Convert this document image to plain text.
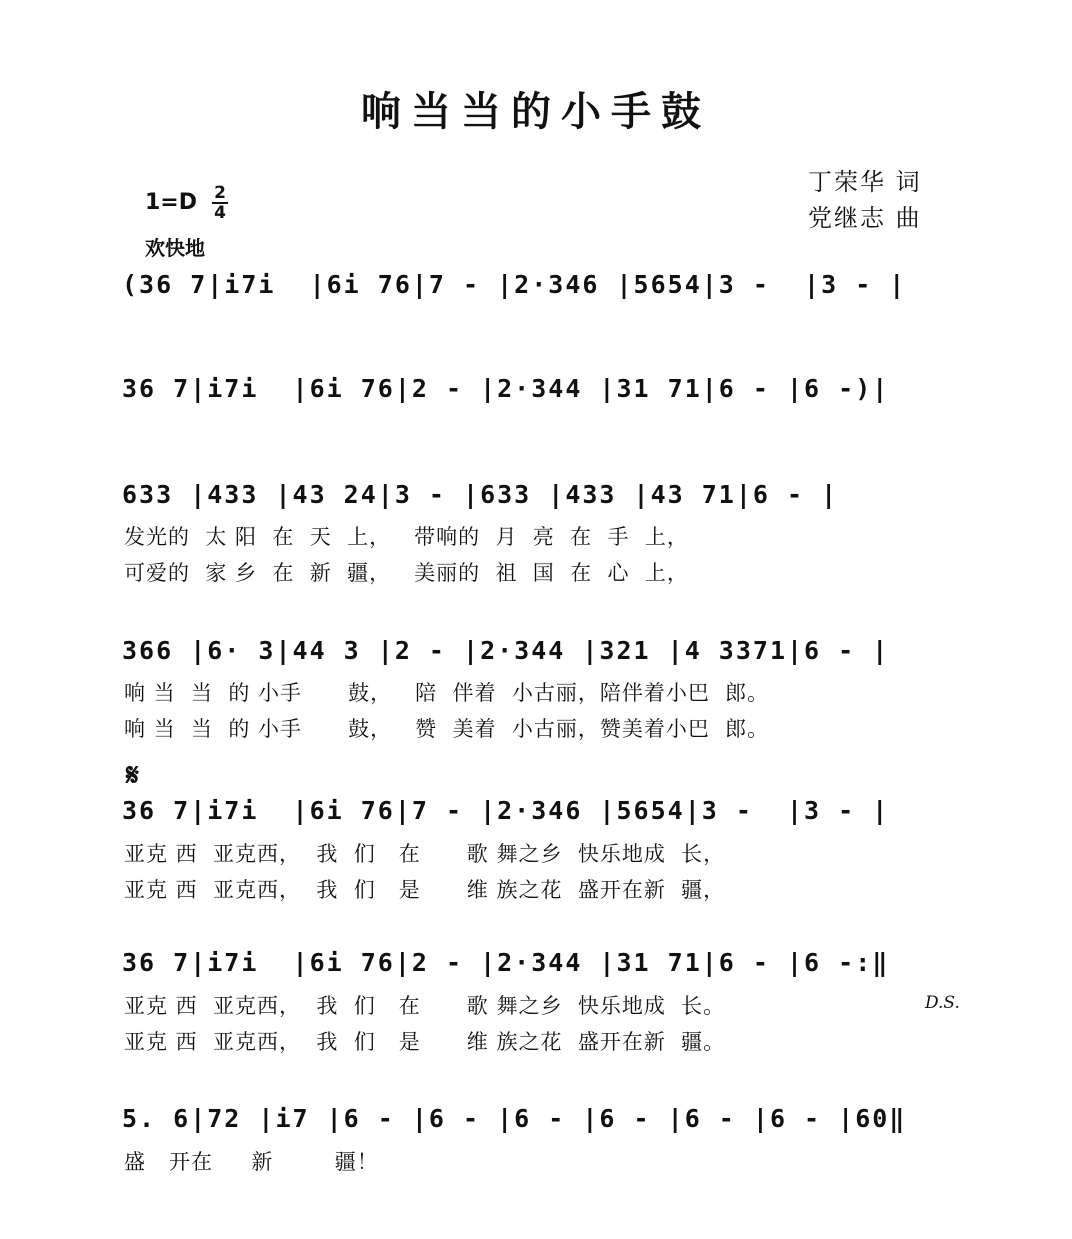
响当当的小手鼓
丁荣华 词
党继志 曲
1=D 2
4
欢快地
(36 7|i7i  |6i 76|7 - |2·346 |5654|3 -  |3 - |
36 7|i7i  |6i 76|2 - |2·344 |31 71|6 - |6 -)|
633 |433 |43 24|3 - |633 |433 |43 71|6 - |
发光的  太 阳  在  天  上，   带响的  月  亮  在  手  上，
可爱的  家 乡  在  新  疆，   美丽的  祖  国  在  心  上，
366 |6· 3|44 3 |2 - |2·344 |321 |4 3371|6 - |
响 当  当  的 小手      鼓，   陪  伴着  小古丽，陪伴着小巴  郎。
响 当  当  的 小手      鼓，   赞  美着  小古丽，赞美着小巴  郎。
𝄋
36 7|i7i  |6i 76|7 - |2·346 |5654|3 -  |3 - |
亚克 西  亚克西，  我  们   在      歌 舞之乡  快乐地成  长，
亚克 西  亚克西，  我  们   是      维 族之花  盛开在新  疆，
36 7|i7i  |6i 76|2 - |2·344 |31 71|6 - |6 -:‖
亚克 西  亚克西，  我  们   在      歌 舞之乡  快乐地成  长。
亚克 西  亚克西，  我  们   是      维 族之花  盛开在新  疆。
D.S.
5. 6|72 |i7 |6 - |6 - |6 - |6 - |6 - |6 - |60‖
盛   开在     新        疆！
